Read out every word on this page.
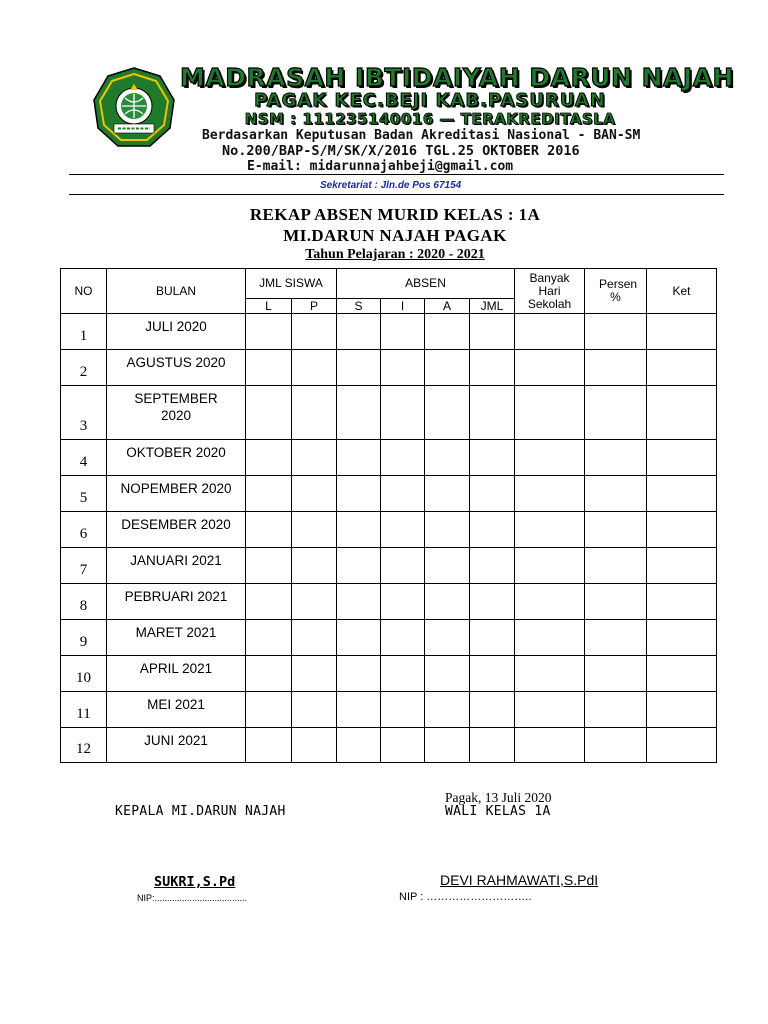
MADRASAH IBTIDAIYAH DARUN NAJAH
PAGAK KEC.BEJI KAB.PASURUAN
NSM : 111235140016 — TERAKREDITASLA
Berdasarkan Keputusan Badan Akreditasi Nasional - BAN-SM
No.200/BAP-S/M/SK/X/2016 TGL.25 OKTOBER 2016
E-mail: midarunnajahbeji@gmail.com
Sekretariat : Jln.de Pos 67154
REKAP ABSEN MURID KELAS : 1A
MI.DARUN NAJAH PAGAK
Tahun Pelajaran : 2020 - 2021
NO	BULAN	JML SISWA		ABSEN				Banyak Hari Sekolah	Persen %	Ket
		L	P	S	I	A	JML			
1	JULI 2020									
2	AGUSTUS 2020									
3	SEPTEMBER 2020									
4	OKTOBER 2020									
5	NOPEMBER 2020									
6	DESEMBER 2020									
7	JANUARI 2021									
8	PEBRUARI 2021									
9	MARET 2021									
10	APRIL 2021									
11	MEI 2021									
12	JUNI 2021									
Pagak, 13 Juli 2020
KEPALA MI.DARUN NAJAH	WALI KELAS 1A
SUKRI,S.Pd
NIP:.....................................
DEVI RAHMAWATI,S.PdI
NIP : ………………………..
